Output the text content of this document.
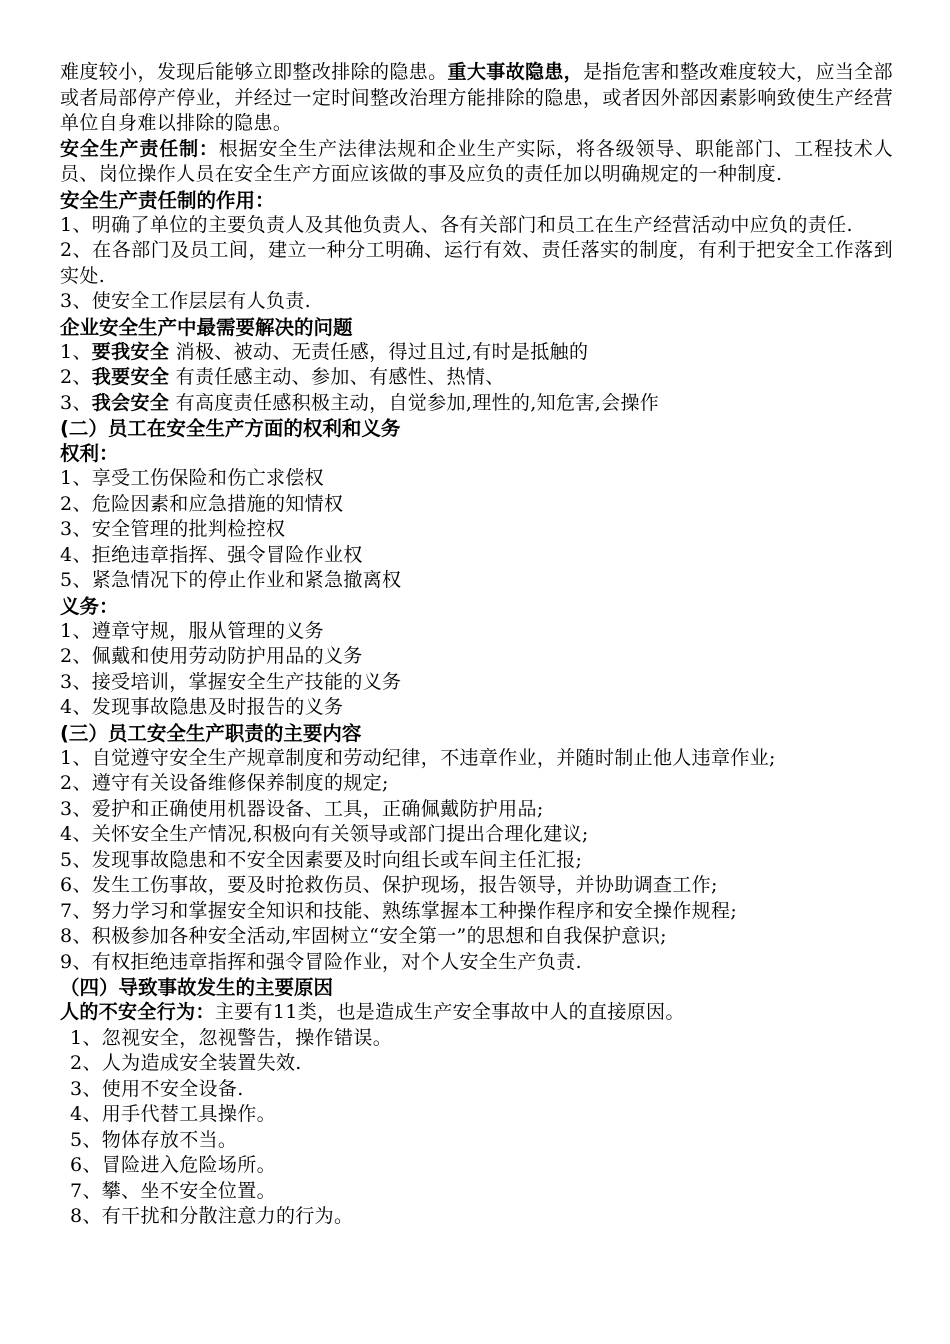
难度较小，发现后能够立即整改排除的隐患。重大事故隐患，是指危害和整改难度较大，应当全部或者局部停产停业，并经过一定时间整改治理方能排除的隐患，或者因外部因素影响致使生产经营单位自身难以排除的隐患。

安全生产责任制：根据安全生产法律法规和企业生产实际，将各级领导、职能部门、工程技术人员、岗位操作人员在安全生产方面应该做的事及应负的责任加以明确规定的一种制度.

安全生产责任制的作用：

1、明确了单位的主要负责人及其他负责人、各有关部门和员工在生产经营活动中应负的责任.

2、在各部门及员工间，建立一种分工明确、运行有效、责任落实的制度，有利于把安全工作落到实处.

3、使安全工作层层有人负责.

企业安全生产中最需要解决的问题

1、要我安全 消极、被动、无责任感，得过且过,有时是抵触的

2、我要安全 有责任感主动、参加、有感性、热情、

3、我会安全 有高度责任感积极主动，自觉参加,理性的,知危害,会操作

(二）员工在安全生产方面的权利和义务

权利：

1、享受工伤保险和伤亡求偿权

2、危险因素和应急措施的知情权

3、安全管理的批判检控权

4、拒绝违章指挥、强令冒险作业权

5、紧急情况下的停止作业和紧急撤离权

义务：

1、遵章守规，服从管理的义务

2、佩戴和使用劳动防护用品的义务

3、接受培训，掌握安全生产技能的义务

4、发现事故隐患及时报告的义务

(三）员工安全生产职责的主要内容

1、自觉遵守安全生产规章制度和劳动纪律，不违章作业，并随时制止他人违章作业;

2、遵守有关设备维修保养制度的规定;

3、爱护和正确使用机器设备、工具，正确佩戴防护用品;

4、关怀安全生产情况,积极向有关领导或部门提出合理化建议;

5、发现事故隐患和不安全因素要及时向组长或车间主任汇报;

6、发生工伤事故，要及时抢救伤员、保护现场，报告领导，并协助调查工作;

7、努力学习和掌握安全知识和技能、熟练掌握本工种操作程序和安全操作规程;

8、积极参加各种安全活动,牢固树立“安全第一”的思想和自我保护意识;

9、有权拒绝违章指挥和强令冒险作业，对个人安全生产负责.

（四）导致事故发生的主要原因

人的不安全行为：主要有11类，也是造成生产安全事故中人的直接原因。

1、忽视安全，忽视警告，操作错误。

2、人为造成安全装置失效.

3、使用不安全设备.

4、用手代替工具操作。

5、物体存放不当。

6、冒险进入危险场所。

7、攀、坐不安全位置。

8、有干扰和分散注意力的行为。
